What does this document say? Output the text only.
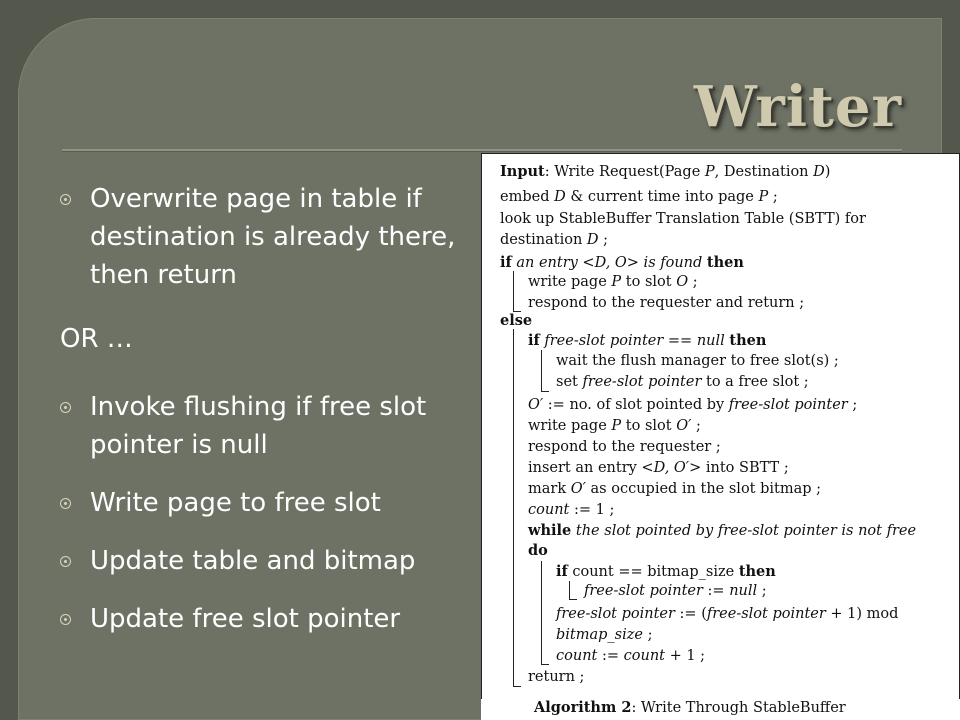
Writer
Overwrite page in table if destination is already there, then return
OR …
Invoke flushing if free slot pointer is null
Write page to free slot
Update table and bitmap
Update free slot pointer
Input: Write Request(Page P, Destination D)
embed D & current time into page P ;
look up StableBuffer Translation Table (SBTT) for
destination D ;
if an entry <D, O> is found then
write page P to slot O ;
respond to the requester and return ;
else
if free-slot pointer == null then
wait the flush manager to free slot(s) ;
set free-slot pointer to a free slot ;
O′ := no. of slot pointed by free-slot pointer ;
write page P to slot O′ ;
respond to the requester ;
insert an entry <D, O′> into SBTT ;
mark O′ as occupied in the slot bitmap ;
count := 1 ;
while the slot pointed by free-slot pointer is not free
do
if count == bitmap_size then
free-slot pointer := null ;
free-slot pointer := (free-slot pointer + 1) mod
bitmap_size ;
count := count + 1 ;
return ;
Algorithm 2: Write Through StableBuffer
